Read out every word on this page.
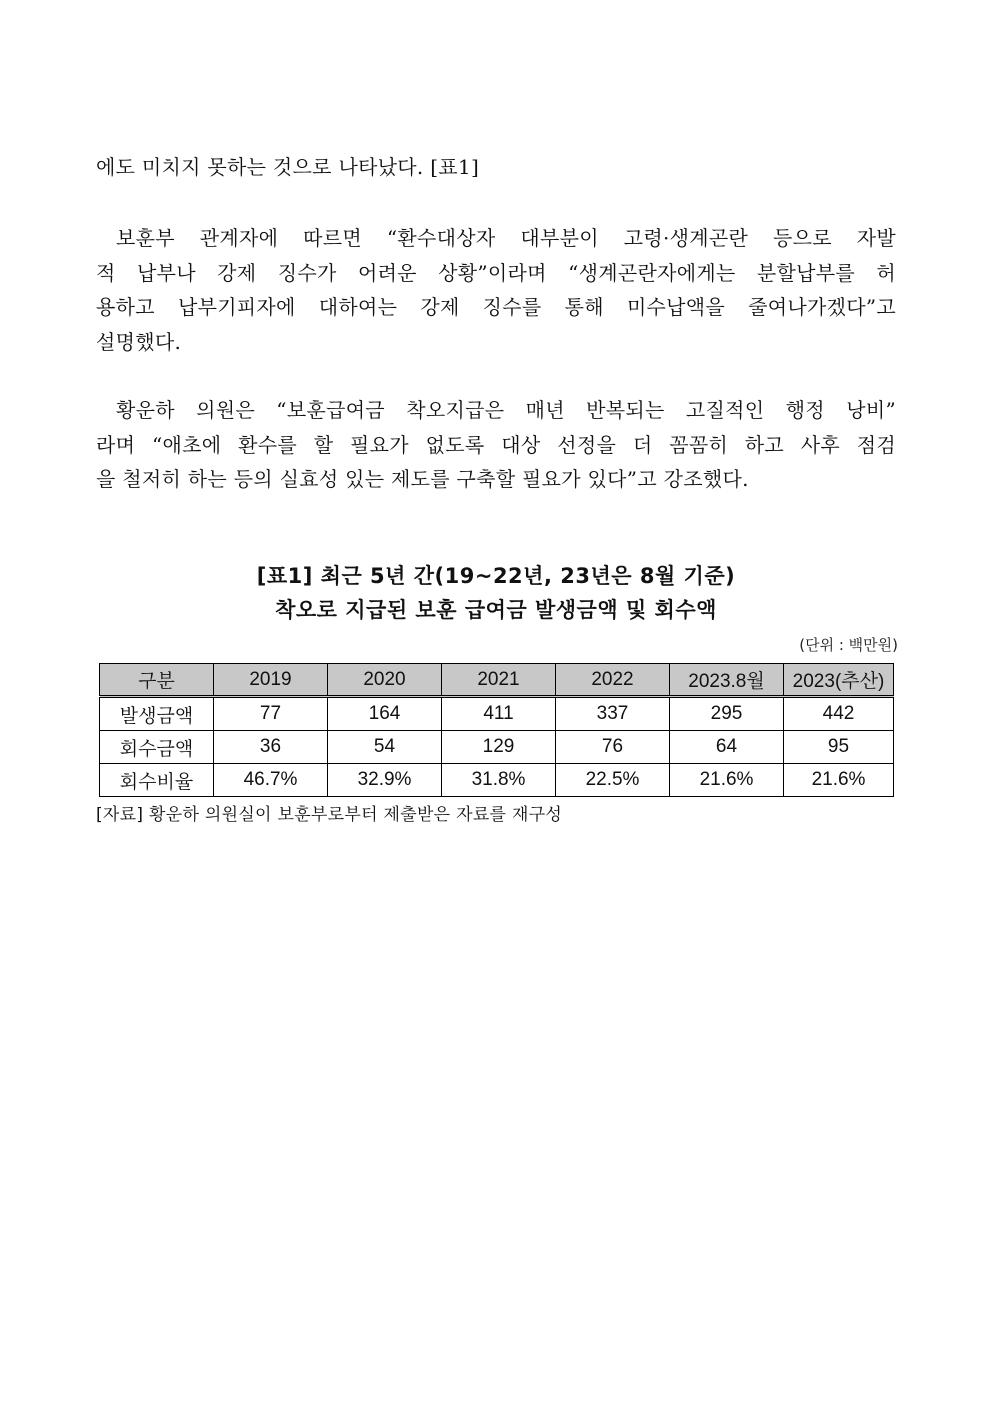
에도 미치지 못하는 것으로 나타났다. [표1]
보훈부 관계자에 따르면 “환수대상자 대부분이 고령·생계곤란 등으로 자발
적 납부나 강제 징수가 어려운 상황”이라며 “생계곤란자에게는 분할납부를 허
용하고 납부기피자에 대하여는 강제 징수를 통해 미수납액을 줄여나가겠다”고
설명했다.
황운하 의원은 “보훈급여금 착오지급은 매년 반복되는 고질적인 행정 낭비”
라며 “애초에 환수를 할 필요가 없도록 대상 선정을 더 꼼꼼히 하고 사후 점검
을 철저히 하는 등의 실효성 있는 제도를 구축할 필요가 있다”고 강조했다.
[표1] 최근 5년 간(19~22년, 23년은 8월 기준)
착오로 지급된 보훈 급여금 발생금액 및 회수액
(단위 : 백만원)
구분	2019	2020	2021	2022	2023.8월	2023(추산)
발생금액	77	164	411	337	295	442
회수금액	36	54	129	76	64	95
회수비율	46.7%	32.9%	31.8%	22.5%	21.6%	21.6%
[자료] 황운하 의원실이 보훈부로부터 제출받은 자료를 재구성
